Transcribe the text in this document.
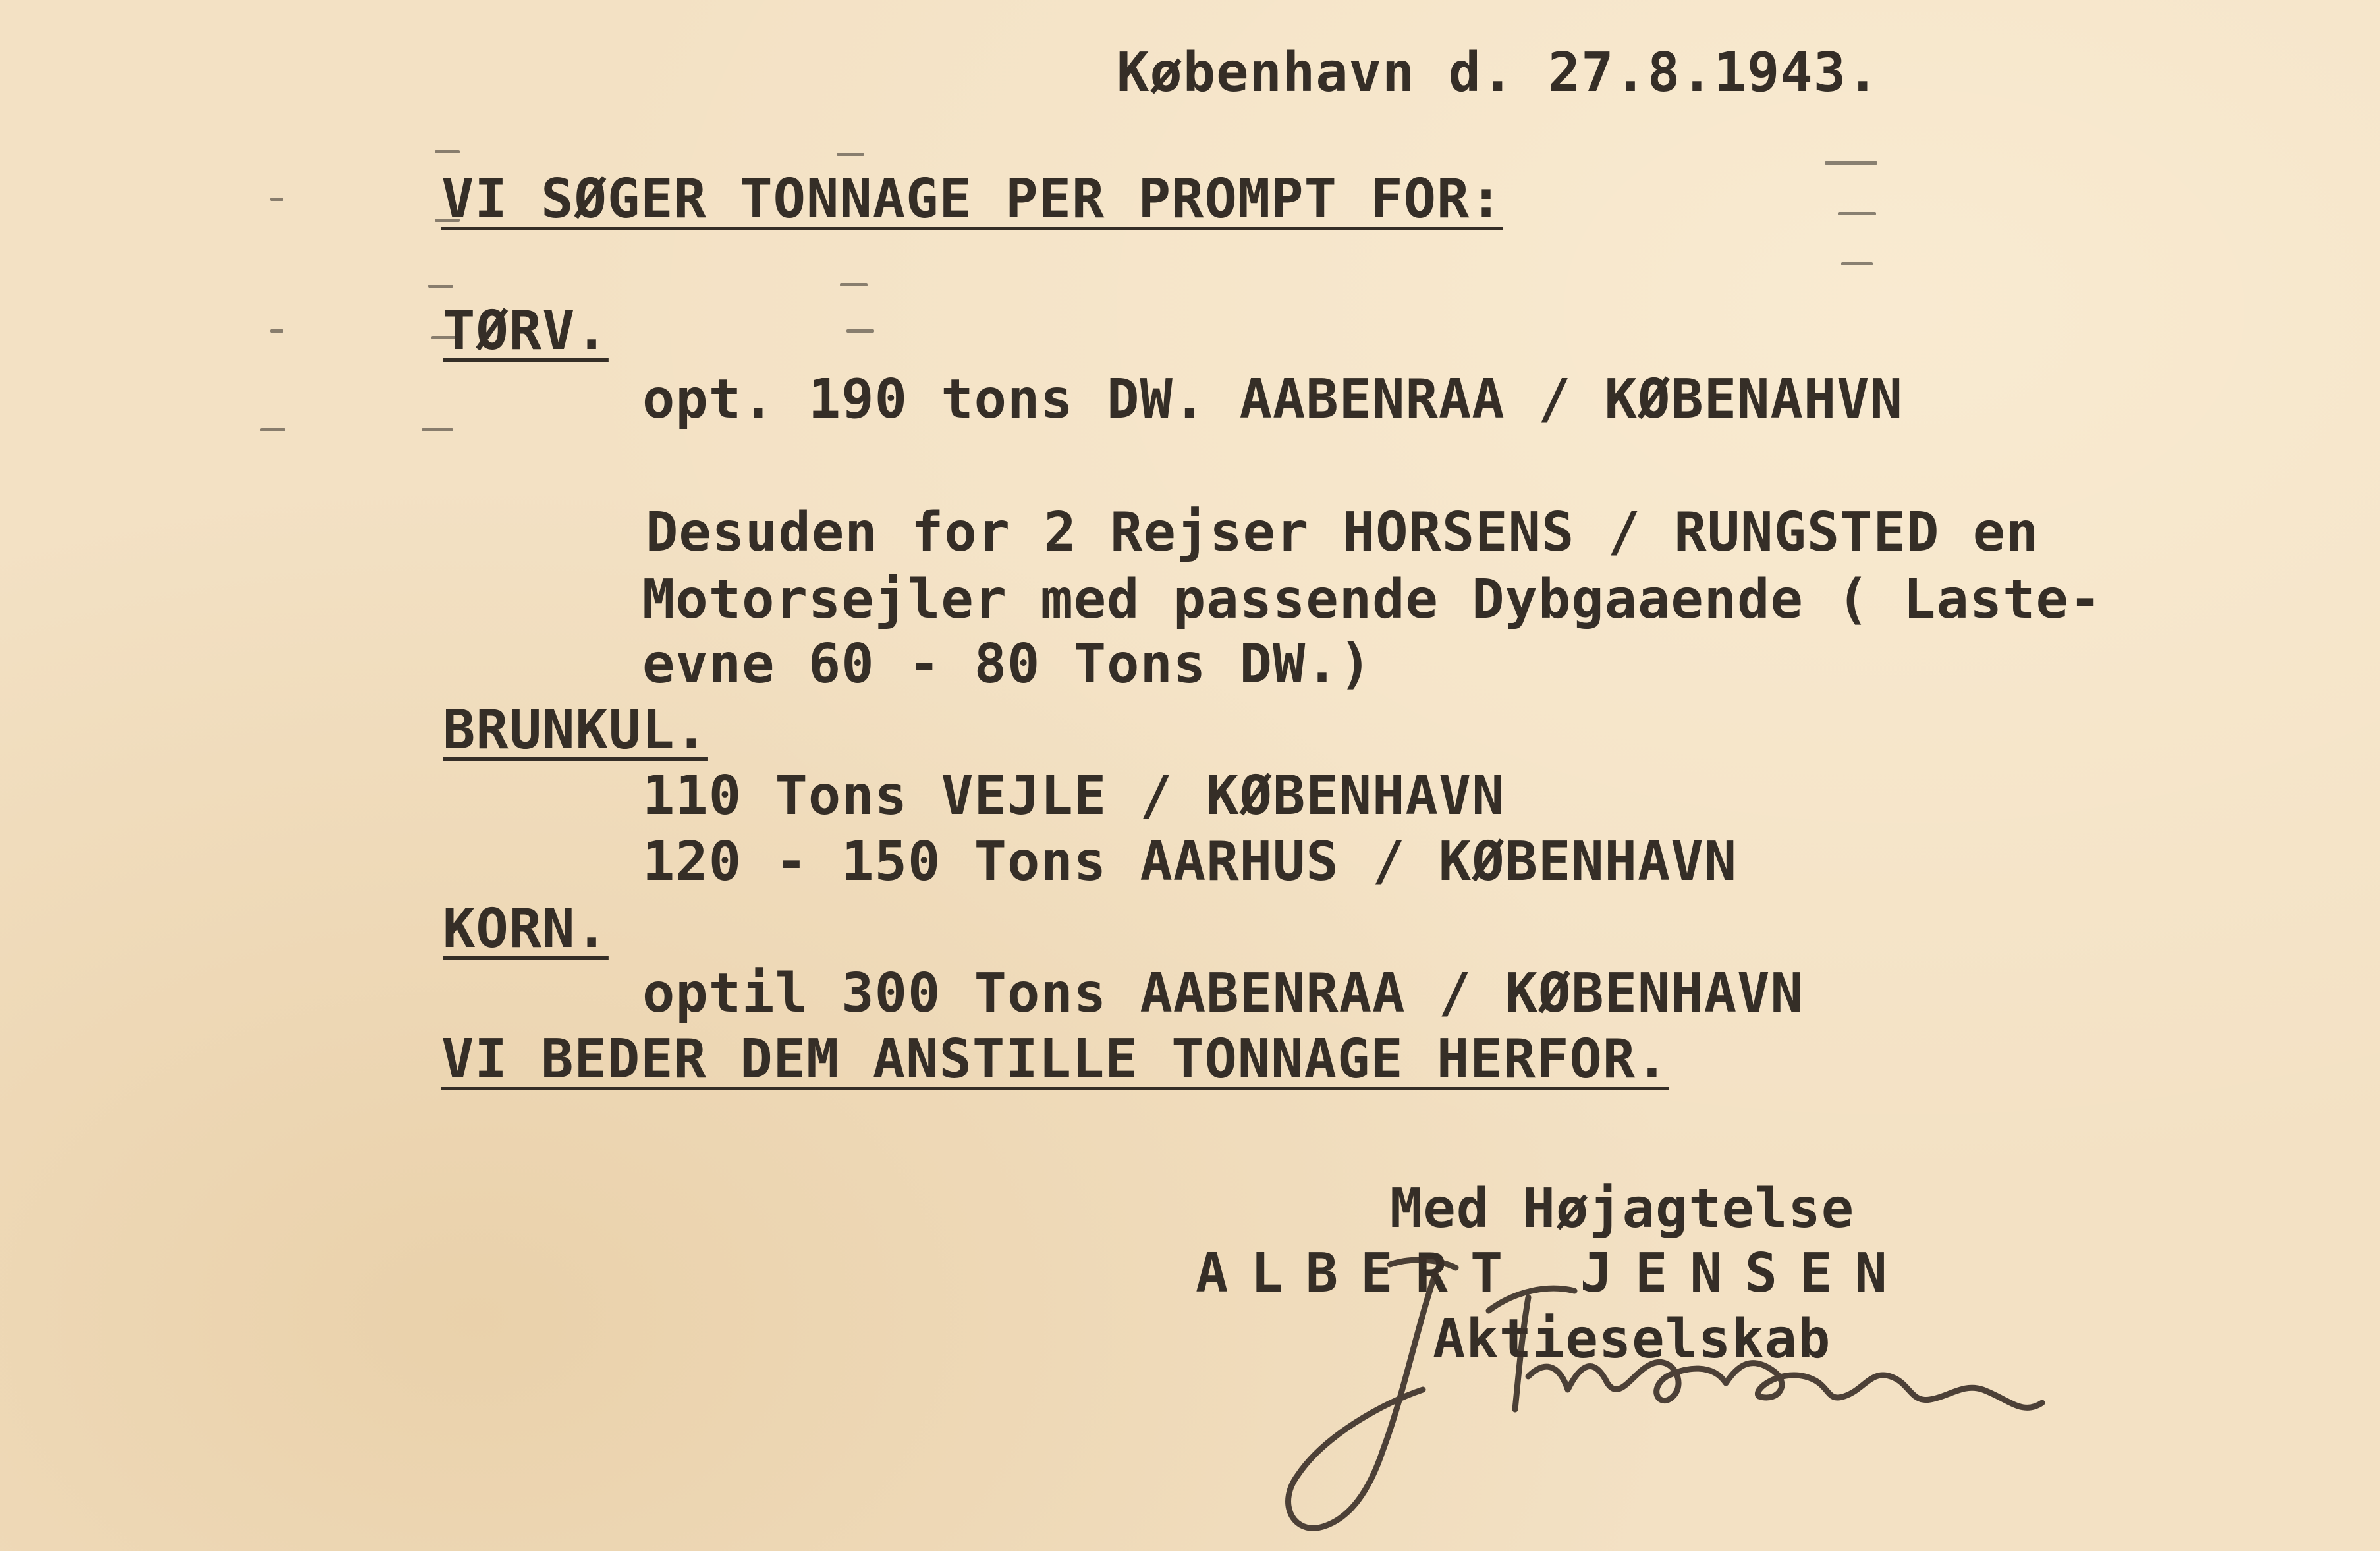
København d. 27.8.1943.
VI SØGER TONNAGE PER PROMPT FOR:
TØRV.
opt. 190 tons DW. AABENRAA / KØBENAHVN
Desuden for 2 Rejser HORSENS / RUNGSTED en
Motorsejler med passende Dybgaaende ( Laste-
evne 60 - 80 Tons DW.)
BRUNKUL.
110 Tons VEJLE / KØBENHAVN
120 - 150 Tons AARHUS / KØBENHAVN
KORN.
optil 300 Tons AABENRAA / KØBENHAVN
VI BEDER DEM ANSTILLE TONNAGE HERFOR.
Med Højagtelse
ALBERT JENSEN
Aktieselskab
